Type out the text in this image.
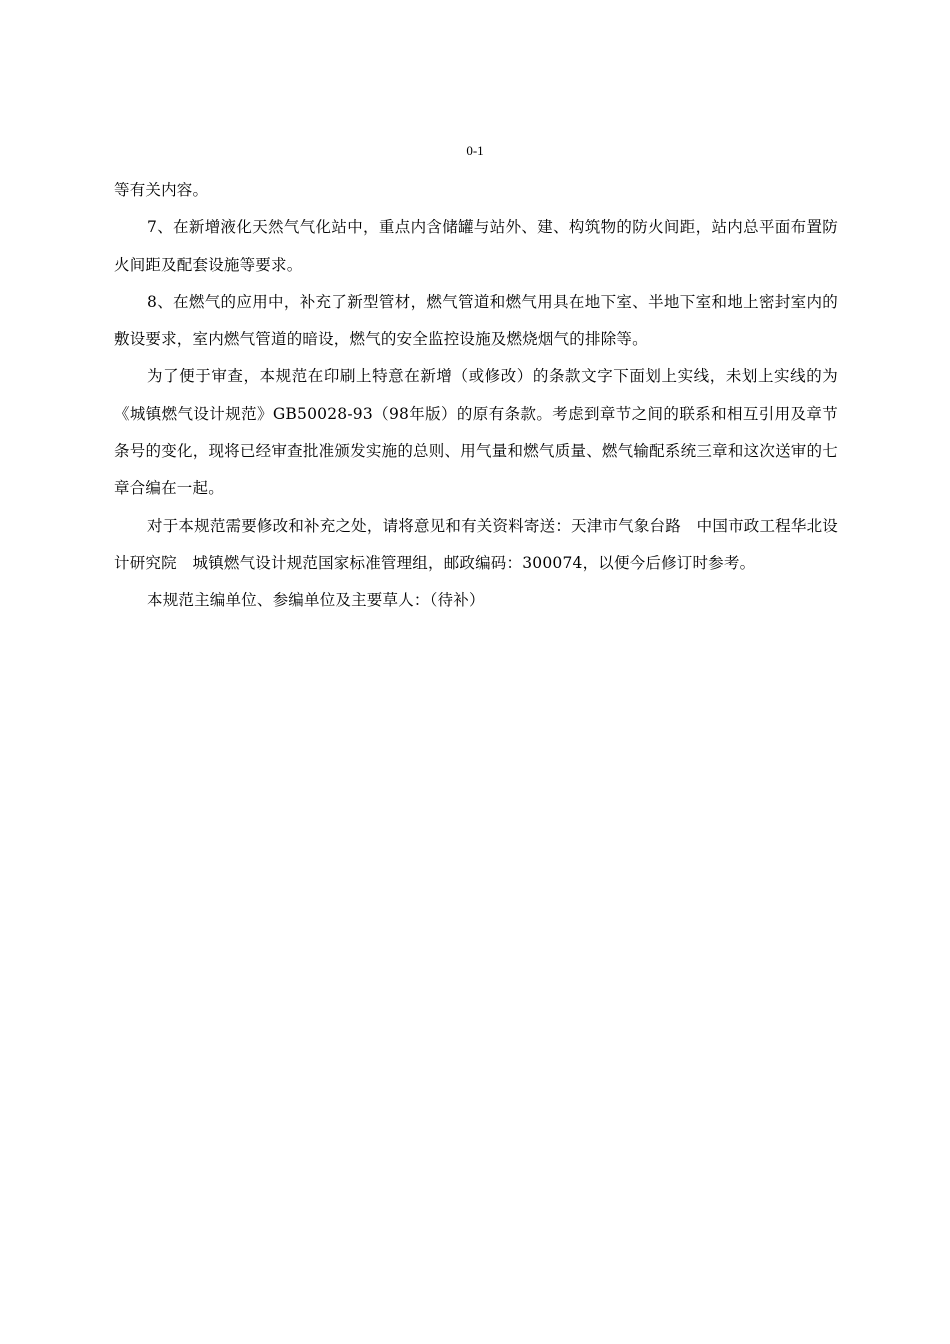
0-1

等有关内容。

7、在新增液化天然气气化站中，重点内含储罐与站外、建、构筑物的防火间距，站内总平面布置防火间距及配套设施等要求。

8、在燃气的应用中，补充了新型管材，燃气管道和燃气用具在地下室、半地下室和地上密封室内的敷设要求，室内燃气管道的暗设，燃气的安全监控设施及燃烧烟气的排除等。

为了便于审查，本规范在印刷上特意在新增（或修改）的条款文字下面划上实线，未划上实线的为《城镇燃气设计规范》GB50028-93（98年版）的原有条款。考虑到章节之间的联系和相互引用及章节条号的变化，现将已经审查批准颁发实施的总则、用气量和燃气质量、燃气输配系统三章和这次送审的七章合编在一起。

对于本规范需要修改和补充之处，请将意见和有关资料寄送：天津市气象台路　中国市政工程华北设计研究院　城镇燃气设计规范国家标准管理组，邮政编码：300074，以便今后修订时参考。

本规范主编单位、参编单位及主要草人：（待补）
